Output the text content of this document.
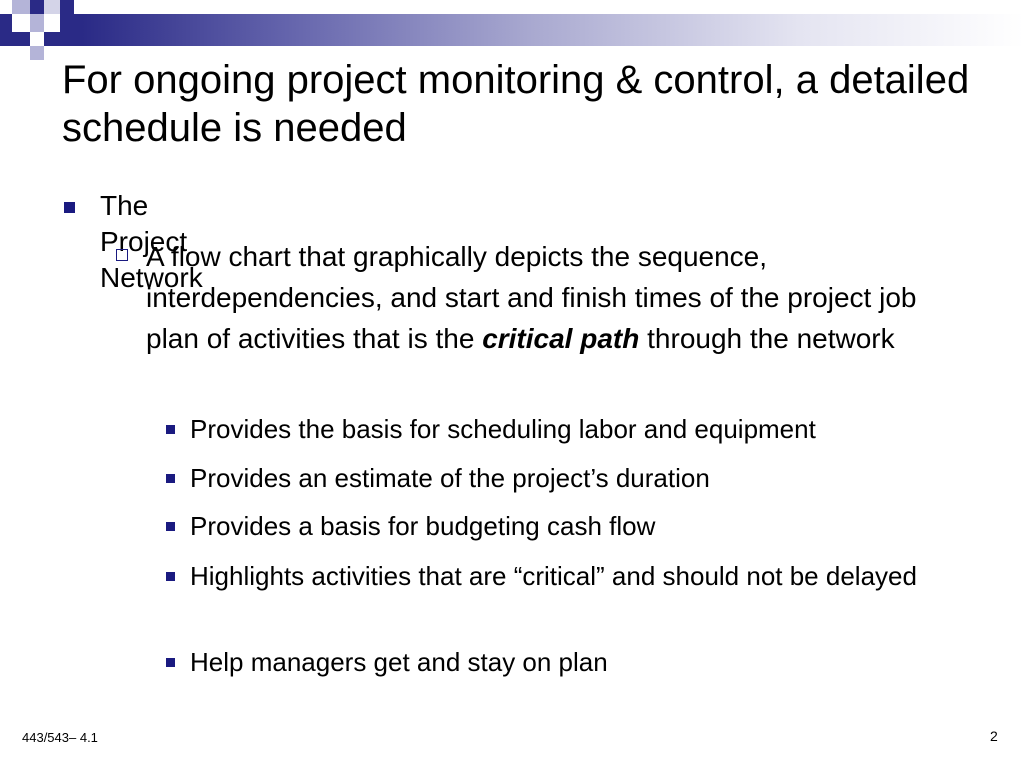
For ongoing project monitoring & control, a detailed schedule is needed
The Project Network
A flow chart that graphically depicts the sequence, interdependencies, and start and finish times of the project job plan of activities that is the critical path through the network
Provides the basis for scheduling labor and equipment
Provides an estimate of the project’s duration
Provides a basis for budgeting cash flow
Highlights activities that are “critical” and should not be delayed
Help managers get and stay on plan
443/543– 4.1	2
